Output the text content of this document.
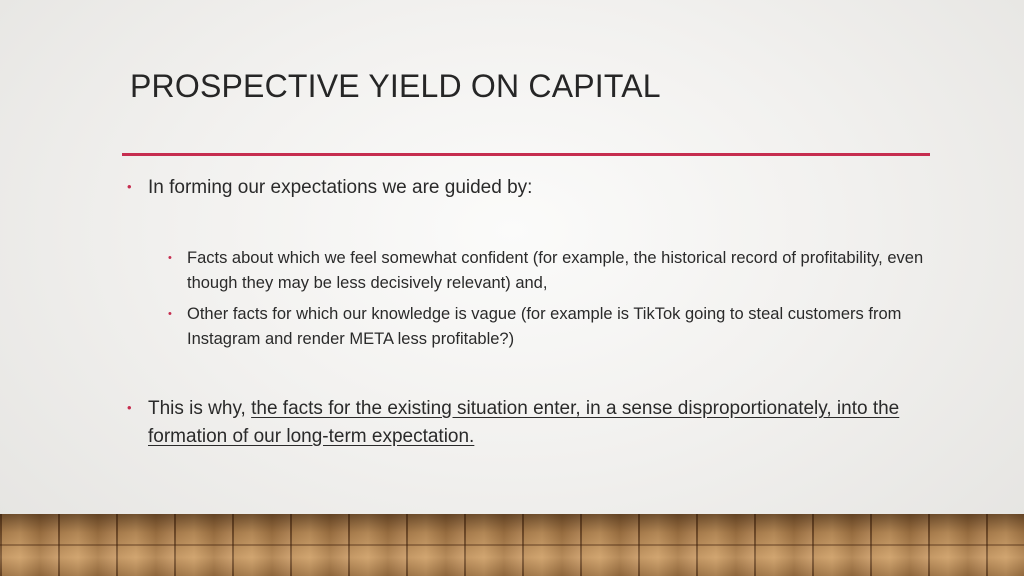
PROSPECTIVE YIELD ON CAPITAL
• In forming our expectations we are guided by:
• Facts about which we feel somewhat confident (for example, the historical record of profitability, even though they may be less decisively relevant) and,
• Other facts for which our knowledge is vague (for example is TikTok going to steal customers from Instagram and render META less profitable?)
• This is why, the facts for the existing situation enter, in a sense disproportionately, into the formation of our long-term expectation.
